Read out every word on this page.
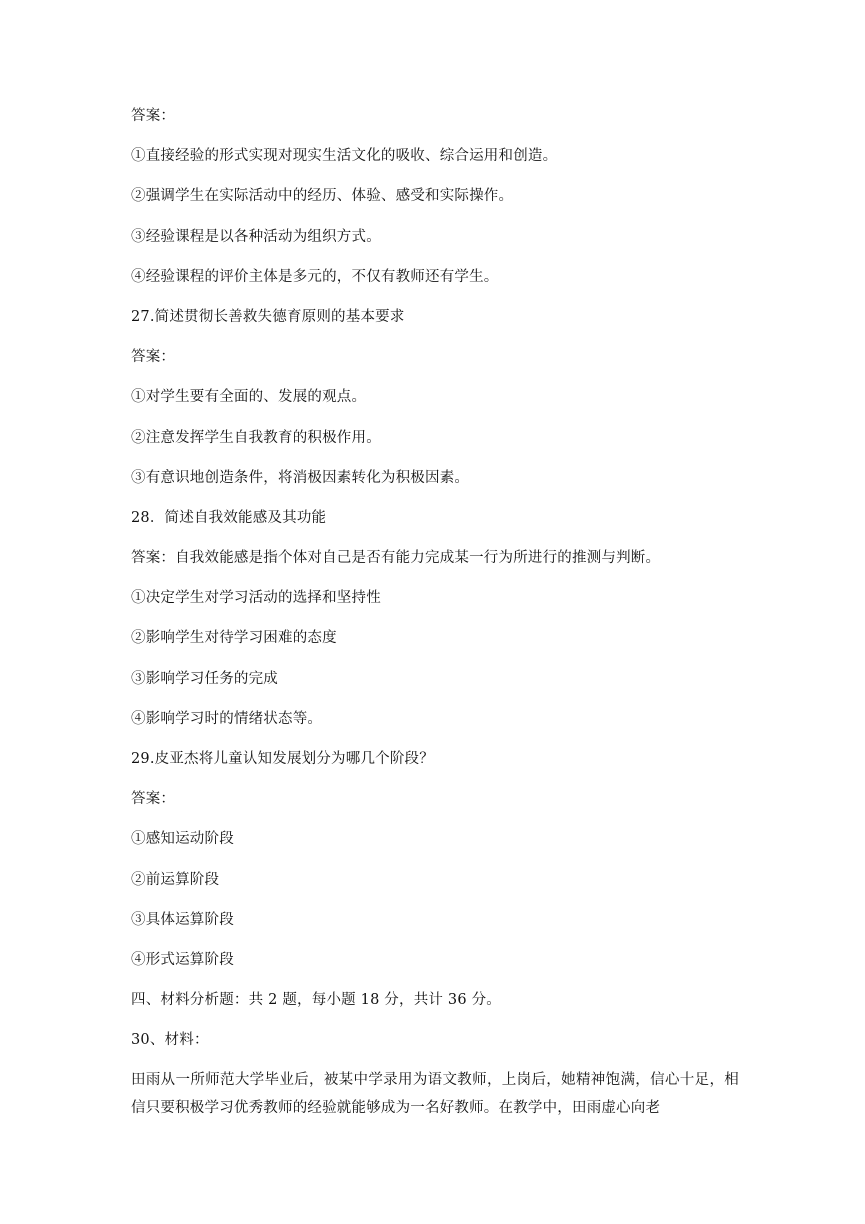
答案：
①直接经验的形式实现对现实生活文化的吸收、综合运用和创造。
②强调学生在实际活动中的经历、体验、感受和实际操作。
③经验课程是以各种活动为组织方式。
④经验课程的评价主体是多元的，不仅有教师还有学生。
27.简述贯彻长善救失德育原则的基本要求
答案：
①对学生要有全面的、发展的观点。
②注意发挥学生自我教育的积极作用。
③有意识地创造条件，将消极因素转化为积极因素。
28．简述自我效能感及其功能
答案：自我效能感是指个体对自己是否有能力完成某一行为所进行的推测与判断。
①决定学生对学习活动的选择和坚持性
②影响学生对待学习困难的态度
③影响学习任务的完成
④影响学习时的情绪状态等。
29.皮亚杰将儿童认知发展划分为哪几个阶段？
答案：
①感知运动阶段
②前运算阶段
③具体运算阶段
④形式运算阶段
四、材料分析题：共 2 题，每小题 18 分，共计 36 分。
30、材料：
田雨从一所师范大学毕业后，被某中学录用为语文教师，上岗后，她精神饱满，信心十足，相信只要积极学习优秀教师的经验就能够成为一名好教师。在教学中，田雨虚心向老
